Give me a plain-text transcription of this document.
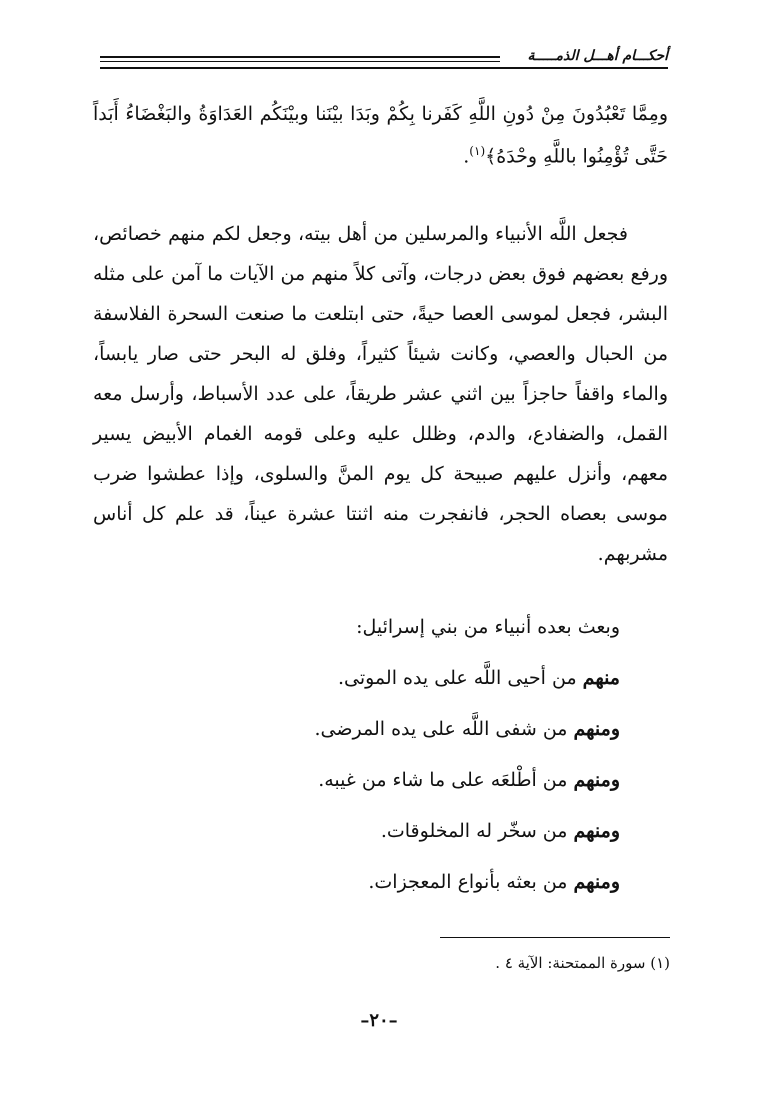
أحكـــام أهـــل الذمـــــة
ومِمَّا تَعْبُدُونَ مِنْ دُونِ اللَّهِ كَفَرنا بِكُمْ وبَدَا بيْنَنا وبيْنَكُم العَدَاوَةُ والبَغْضَاءُ أَبَداً حَتَّى تُؤْمِنُوا باللَّهِ وحْدَهُ﴾$^{(١)}$.

فجعل اللَّه الأنبياء والمرسلين من أهل بيته، وجعل لكم منهم خصائص، ورفع بعضهم فوق بعض درجات، وآتى كلاً منهم من الآيات ما آمن على مثله البشر، فجعل لموسى العصا حيةً، حتى ابتلعت ما صنعت السحرة الفلاسفة من الحبال والعصي، وكانت شيئاً كثيراً، وفلق له البحر حتى صار يابساً، والماء واقفاً حاجزاً بين اثني عشر طريقاً، على عدد الأسباط، وأرسل معه القمل، والضفادع، والدم، وظلل عليه وعلى قومه الغمام الأبيض يسير معهم، وأنزل عليهم صبيحة كل يوم المنَّ والسلوى، وإذا عطشوا ضرب موسى بعصاه الحجر، فانفجرت منه اثنتا عشرة عيناً، قد علم كل أناس مشربهم.

وبعث بعده أنبياء من بني إسرائيل:
منهم من أحيى اللَّه على يده الموتى.
ومنهم من شفى اللَّه على يده المرضى.
ومنهم من أطْلعَه على ما شاء من غيبه.
ومنهم من سخّر له المخلوقات.
ومنهم من بعثه بأنواع المعجزات.
(١) سورة الممتحنة: الآية ٤ .
–٢٠–
